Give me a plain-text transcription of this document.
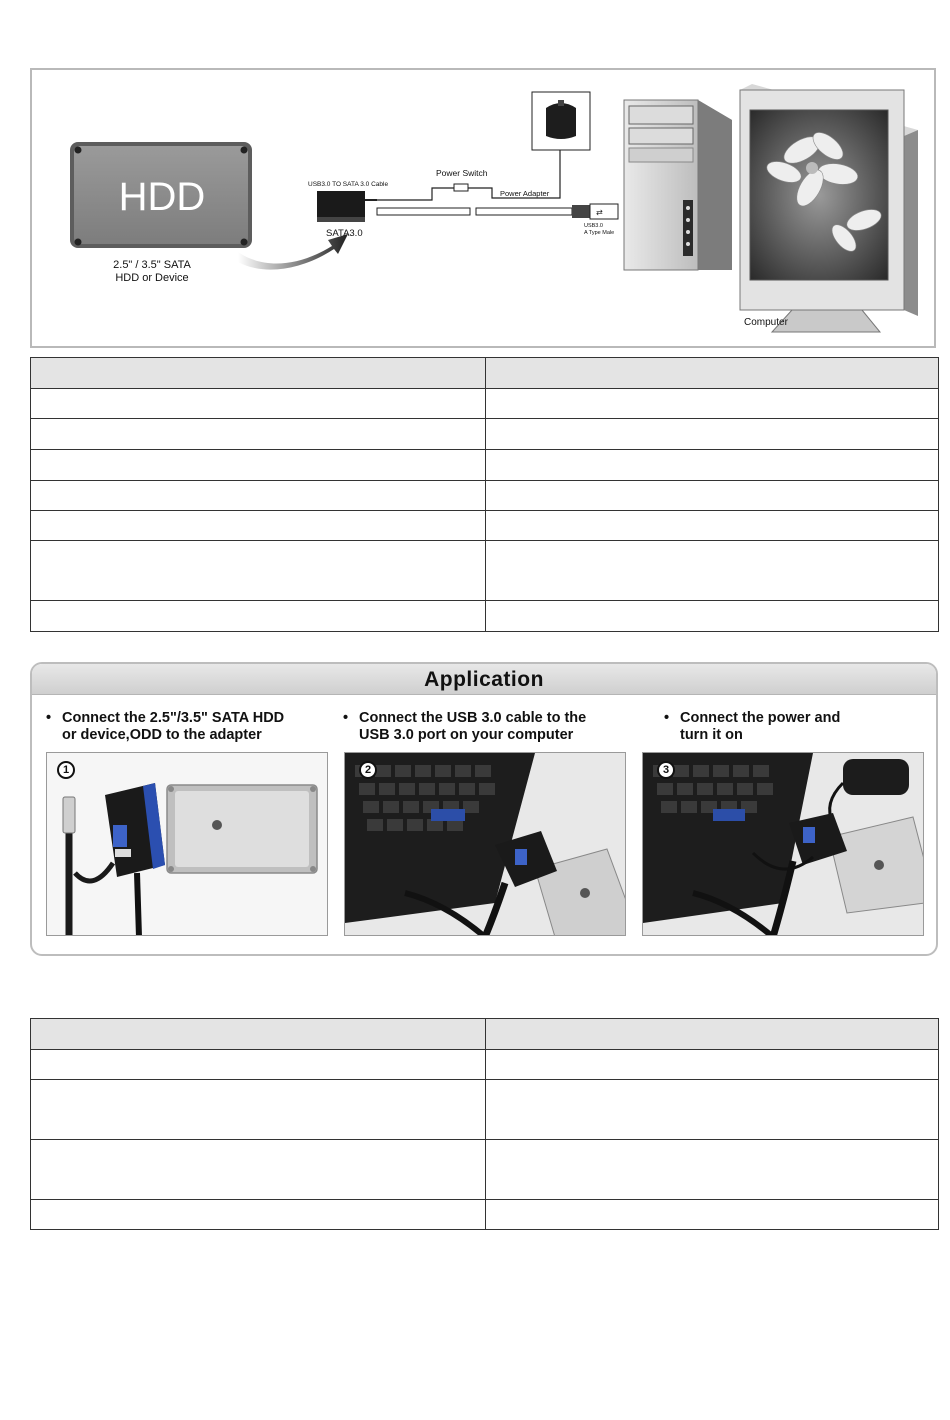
HDD
2.5" / 3.5" SATA
HDD or Device
USB3.0 TO SATA 3.0 Cable
SATA3.0
Power Switch
Power Adapter
⇄
USB3.0
A Type Male
Computer

Application
• Connect the 2.5"/3.5" SATA HDD
or device,ODD to the adapter
• Connect the USB 3.0 cable to the
USB 3.0 port on your computer
• Connect the power and
turn it on
1	2	3
